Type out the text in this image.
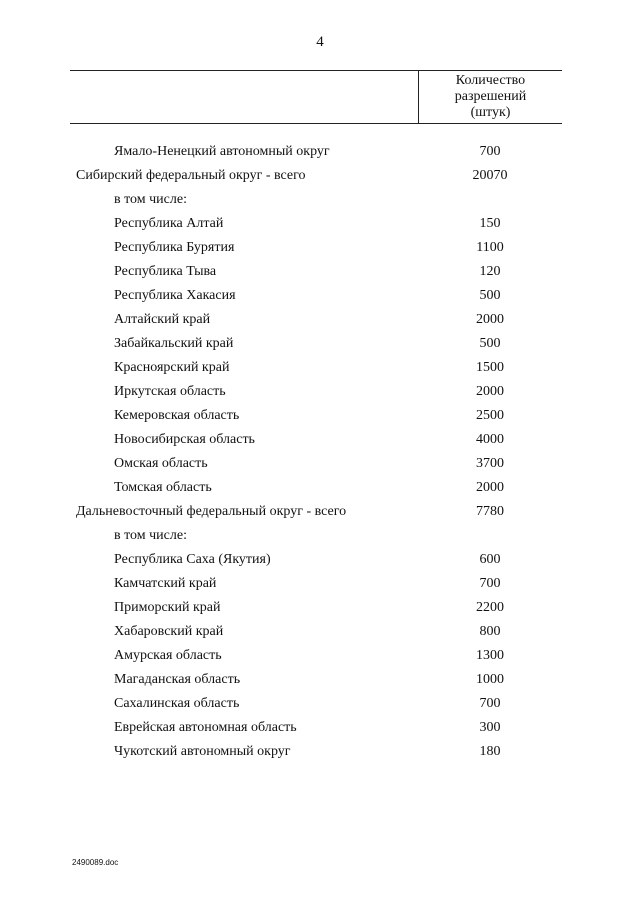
4
Количество
разрешений
(штук)
Ямало-Ненецкий автономный округ	700
Сибирский федеральный округ - всего	20070
в том числе:
Республика Алтай	150
Республика Бурятия	1100
Республика Тыва	120
Республика Хакасия	500
Алтайский край	2000
Забайкальский край	500
Красноярский край	1500
Иркутская область	2000
Кемеровская область	2500
Новосибирская область	4000
Омская область	3700
Томская область	2000
Дальневосточный федеральный округ - всего	7780
в том числе:
Республика Саха (Якутия)	600
Камчатский край	700
Приморский край	2200
Хабаровский край	800
Амурская область	1300
Магаданская область	1000
Сахалинская область	700
Еврейская автономная область	300
Чукотский автономный округ	180
2490089.doc
